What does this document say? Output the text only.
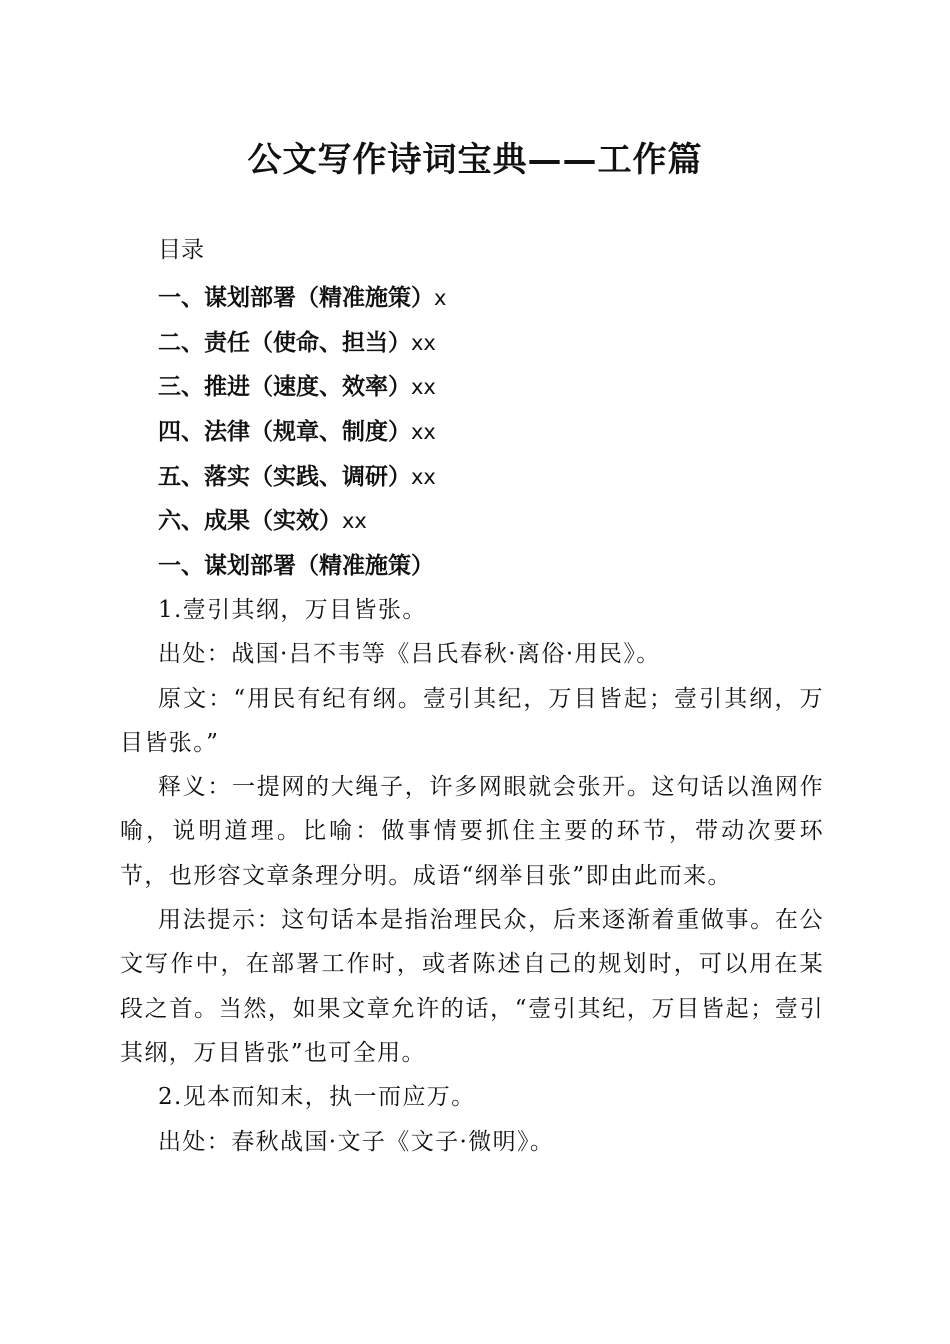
公文写作诗词宝典——工作篇
目录
一、谋划部署（精准施策）x
二、责任（使命、担当）xx
三、推进（速度、效率）xx
四、法律（规章、制度）xx
五、落实（实践、调研）xx
六、成果（实效）xx
一、谋划部署（精准施策）

1.壹引其纲，万目皆张。

出处：战国·吕不韦等《吕氏春秋·离俗·用民》。

原文：“用民有纪有纲。壹引其纪，万目皆起；壹引其纲，万目皆张。”

释义：一提网的大绳子，许多网眼就会张开。这句话以渔网作喻，说明道理。比喻：做事情要抓住主要的环节，带动次要环节，也形容文章条理分明。成语“纲举目张”即由此而来。

用法提示：这句话本是指治理民众，后来逐渐着重做事。在公文写作中，在部署工作时，或者陈述自己的规划时，可以用在某段之首。当然，如果文章允许的话，“壹引其纪，万目皆起；壹引其纲，万目皆张”也可全用。

2.见本而知末，执一而应万。

出处：春秋战国·文子《文子·微明》。
